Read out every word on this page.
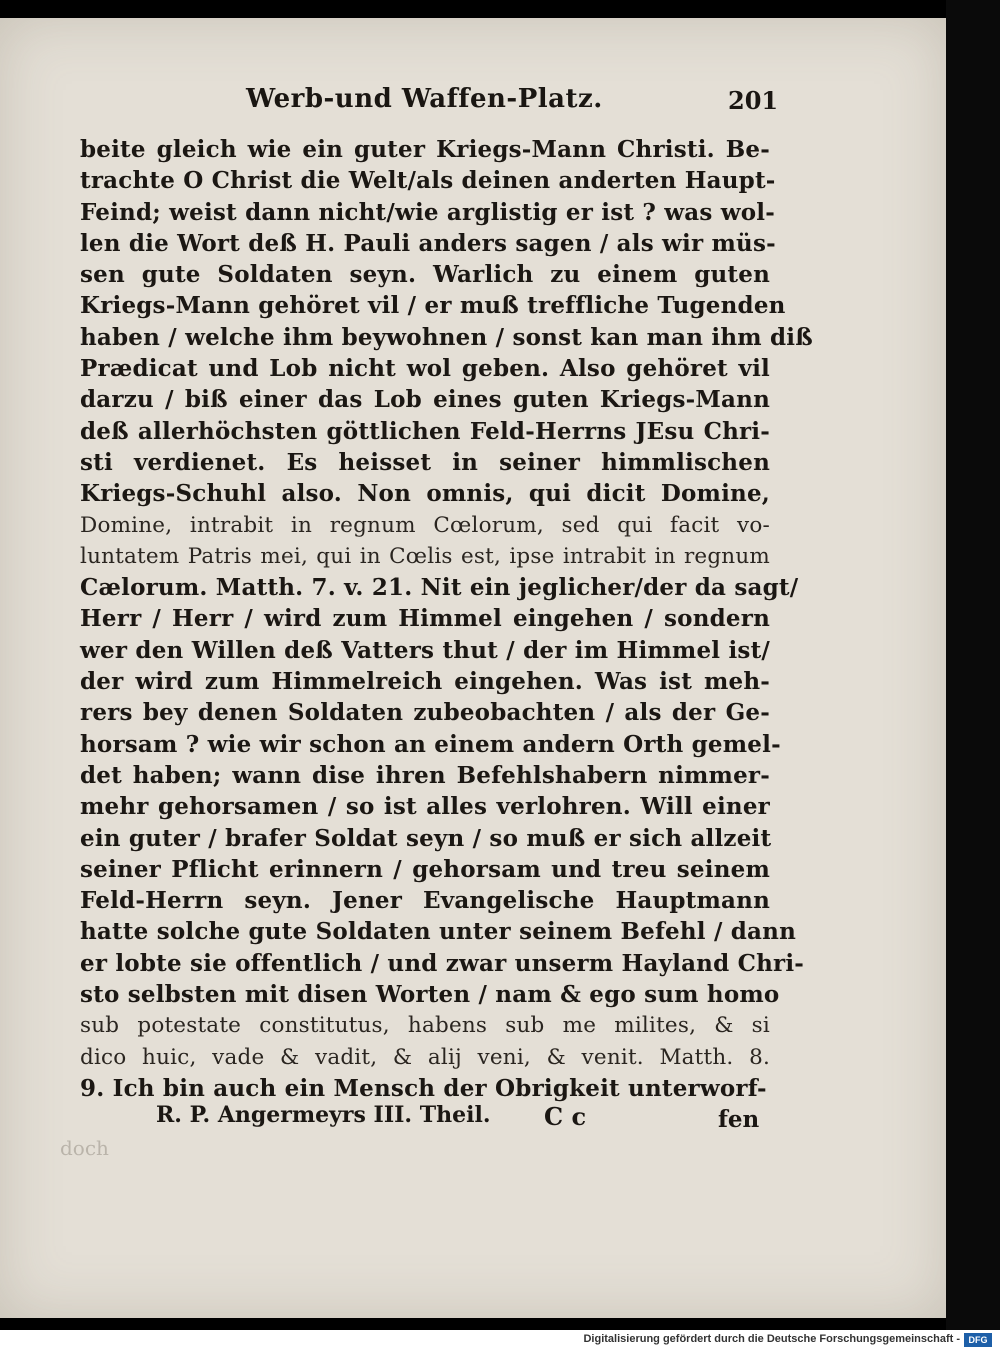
Werb-und Waffen-Platz.	201
beite gleich wie ein guter Kriegs-Mann Christi. Be-
trachte O Christ die Welt/als deinen anderten Haupt-
Feind; weist dann nicht/wie arglistig er ist ? was wol-
len die Wort deß H. Pauli anders sagen / als wir müs-
sen gute Soldaten seyn. Warlich zu einem guten
Kriegs-Mann gehöret vil / er muß treffliche Tugenden
haben / welche ihm beywohnen / sonst kan man ihm diß
Prædicat und Lob nicht wol geben. Also gehöret vil
darzu / biß einer das Lob eines guten Kriegs-Mann
deß allerhöchsten göttlichen Feld-Herrns JEsu Chri-
sti verdienet. Es heisset in seiner himmlischen
Kriegs-Schuhl also. Non omnis, qui dicit Domine,
Domine, intrabit in regnum Cœlorum, sed qui facit vo-
luntatem Patris mei, qui in Cœlis est, ipse intrabit in regnum
Cælorum. Matth. 7. v. 21. Nit ein jeglicher/der da sagt/
Herr / Herr / wird zum Himmel eingehen / sondern
wer den Willen deß Vatters thut / der im Himmel ist/
der wird zum Himmelreich eingehen. Was ist meh-
rers bey denen Soldaten zubeobachten / als der Ge-
horsam ? wie wir schon an einem andern Orth gemel-
det haben; wann dise ihren Befehlshabern nimmer-
mehr gehorsamen / so ist alles verlohren. Will einer
ein guter / brafer Soldat seyn / so muß er sich allzeit
seiner Pflicht erinnern / gehorsam und treu seinem
Feld-Herrn seyn. Jener Evangelische Hauptmann
hatte solche gute Soldaten unter seinem Befehl / dann
er lobte sie offentlich / und zwar unserm Hayland Chri-
sto selbsten mit disen Worten / nam & ego sum homo
sub potestate constitutus, habens sub me milites, & si
dico huic, vade & vadit, & alij veni, & venit. Matth. 8.
9. Ich bin auch ein Mensch der Obrigkeit unterworf-
R. P. Angermeyrs III. Theil. C c	fen
doch
Digitalisierung gefördert durch die Deutsche Forschungsgemeinschaft - DFG
